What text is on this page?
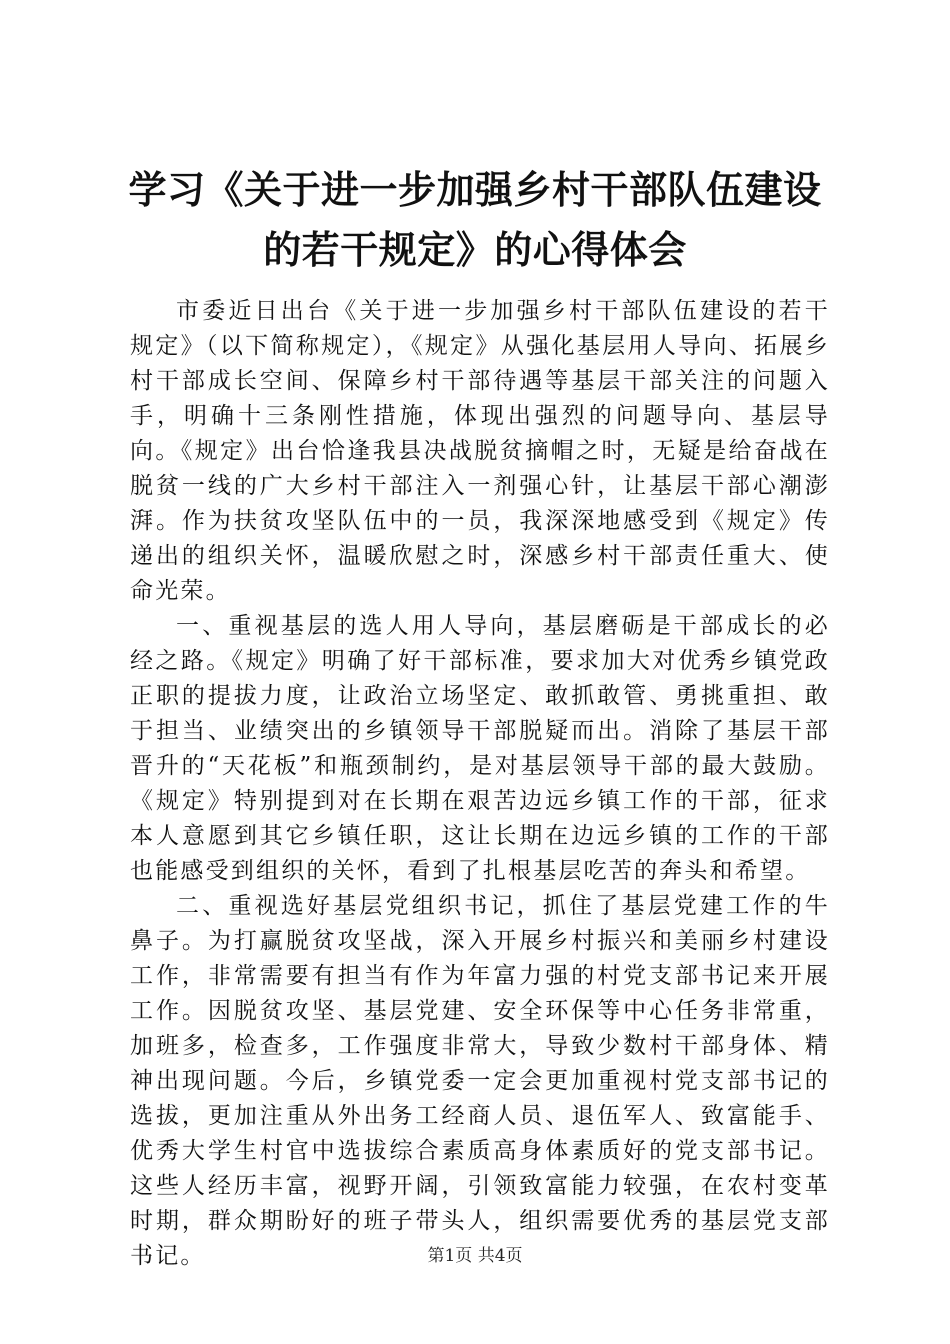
学习《关于进一步加强乡村干部队伍建设的若干规定》的心得体会

市委近日出台《关于进一步加强乡村干部队伍建设的若干规定》（以下简称规定），《规定》从强化基层用人导向、拓展乡村干部成长空间、保障乡村干部待遇等基层干部关注的问题入手，明确十三条刚性措施，体现出强烈的问题导向、基层导向。《规定》出台恰逢我县决战脱贫摘帽之时，无疑是给奋战在脱贫一线的广大乡村干部注入一剂强心针，让基层干部心潮澎湃。作为扶贫攻坚队伍中的一员，我深深地感受到《规定》传递出的组织关怀，温暖欣慰之时，深感乡村干部责任重大、使命光荣。

一、重视基层的选人用人导向，基层磨砺是干部成长的必经之路。《规定》明确了好干部标准，要求加大对优秀乡镇党政正职的提拔力度，让政治立场坚定、敢抓敢管、勇挑重担、敢于担当、业绩突出的乡镇领导干部脱疑而出。消除了基层干部晋升的“天花板”和瓶颈制约，是对基层领导干部的最大鼓励。《规定》特别提到对在长期在艰苦边远乡镇工作的干部，征求本人意愿到其它乡镇任职，这让长期在边远乡镇的工作的干部也能感受到组织的关怀，看到了扎根基层吃苦的奔头和希望。

二、重视选好基层党组织书记，抓住了基层党建工作的牛鼻子。为打赢脱贫攻坚战，深入开展乡村振兴和美丽乡村建设工作，非常需要有担当有作为年富力强的村党支部书记来开展工作。因脱贫攻坚、基层党建、安全环保等中心任务非常重，加班多，检查多，工作强度非常大，导致少数村干部身体、精神出现问题。今后，乡镇党委一定会更加重视村党支部书记的选拔，更加注重从外出务工经商人员、退伍军人、致富能手、优秀大学生村官中选拔综合素质高身体素质好的党支部书记。这些人经历丰富，视野开阔，引领致富能力较强，在农村变革时期，群众期盼好的班子带头人，组织需要优秀的基层党支部书记。	第1页 共4页
